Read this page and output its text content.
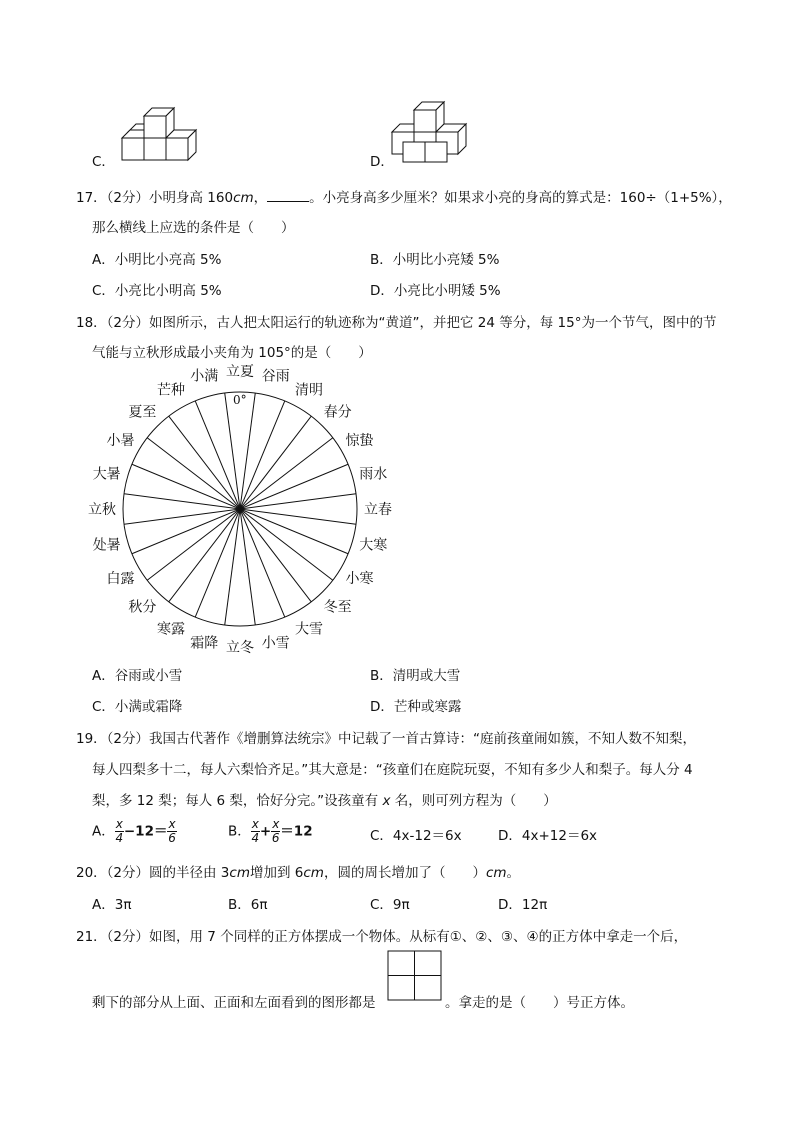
C．	D．
17．（2分）小明身高 160cm，	。小亮身高多少厘米？如果求小亮的身高的算式是：160÷（1+5%），
那么横线上应选的条件是（　　）
A．小明比小亮高 5%	B．小明比小亮矮 5%
C．小亮比小明高 5%	D．小亮比小明矮 5%
18．（2分）如图所示，古人把太阳运行的轨迹称为“黄道”，并把它 24 等分，每 15°为一个节气，图中的节
气能与立秋形成最小夹角为 105°的是（　　）
立夏 谷雨
清明
春分
惊蛰
雨水
立春
大寒
小寒
冬至
大雪
小雪
立冬
霜降
寒露
秋分
白露
处暑
立秋
大暑
小暑
夏至
芒种
小满
0°
A．谷雨或小雪	B．清明或大雪
C．小满或霜降	D．芒种或寒露
19．（2分）我国古代著作《增删算法统宗》中记载了一首古算诗：“庭前孩童闹如簇，不知人数不知梨，
每人四梨多十二，每人六梨恰齐足。”其大意是：“孩童们在庭院玩耍，不知有多少人和梨子。每人分 4
梨，多 12 梨；每人 6 梨，恰好分完。”设孩童有 x 名，则可列方程为（　　）
A． $\frac{x}{4} -12= \frac{x}{6}$	B． $\frac{x}{4} + \frac{x}{6} =12$	C．4x-12＝6x	D．4x+12＝6x
20．（2分）圆的半径由 3cm增加到 6cm，圆的周长增加了（　　）cm。
A．3π	B．6π	C．9π	D．12π
21．（2分）如图，用 7 个同样的正方体摆成一个物体。从标有①、②、③、④的正方体中拿走一个后，
剩下的部分从上面、正面和左面看到的图形都是	。拿走的是（　　）号正方体。
